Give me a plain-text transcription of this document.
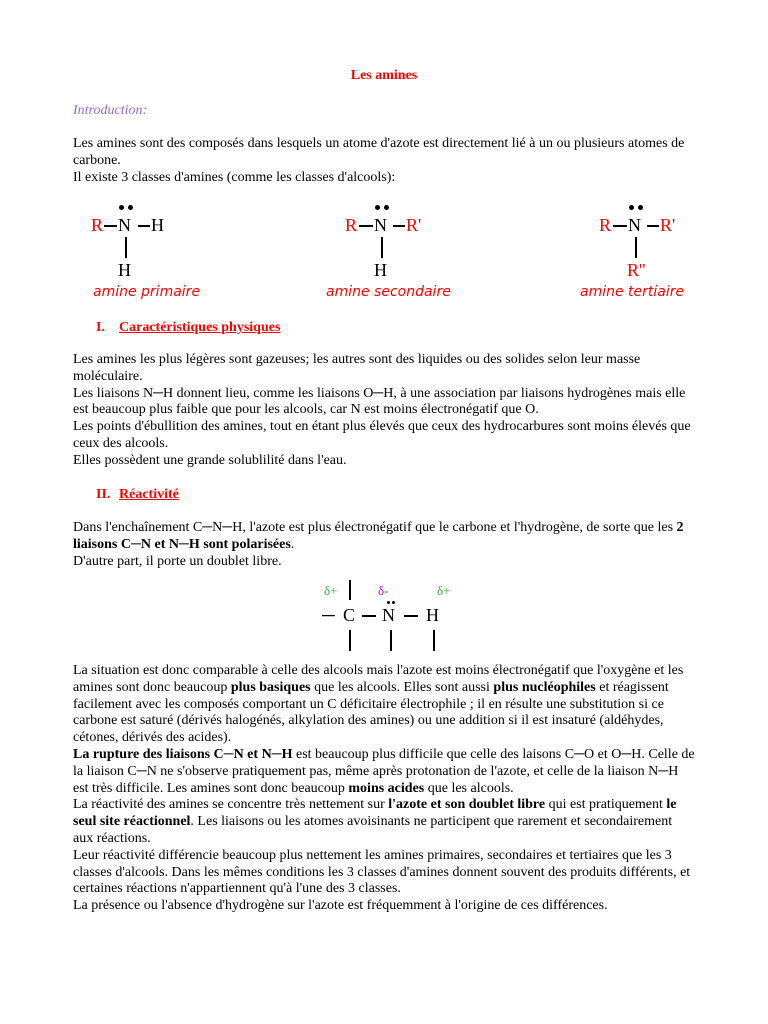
Les amines
Introduction:

Les amines sont des composés dans lesquels un atome d'azote est directement lié à un ou plusieurs atomes de carbone.

Il existe 3 classes d'amines (comme les classes d'alcools):

R N H
H
amine primaire
R N R'
H
amine secondaire
R N R'
R''
amine tertiaire
I. Caractéristiques physiques

Les amines les plus légères sont gazeuses; les autres sont des liquides ou des solides selon leur masse moléculaire.

Les liaisons N─H donnent lieu, comme les liaisons O─H, à une association par liaisons hydrogènes mais elle est beaucoup plus faible que pour les alcools, car N est moins électronégatif que O.

Les points d'ébullition des amines, tout en étant plus élevés que ceux des hydrocarbures sont moins élevés que ceux des alcools.

Elles possèdent une grande solublilité dans l'eau.

II. Réactivité

Dans l'enchaînement C─N─H, l'azote est plus électronégatif que le carbone et l'hydrogène, de sorte que les 2 liaisons C─N et N─H sont polarisées.

D'autre part, il porte un doublet libre.

δ+	δ-	δ+
─ C N H

La situation est donc comparable à celle des alcools mais l'azote est moins électronégatif que l'oxygène et les amines sont donc beaucoup plus basiques que les alcools. Elles sont aussi plus nucléophiles et réagissent facilement avec les composés comportant un C déficitaire électrophile ; il en résulte une substitution si ce carbone est saturé (dérivés halogénés, alkylation des amines) ou une addition si il est insaturé (aldéhydes, cétones, dérivés des acides).

La rupture des liaisons C─N et N─H est beaucoup plus difficile que celle des laisons C─O et O─H. Celle de la liaison C─N ne s'observe pratiquement pas, même après protonation de l'azote, et celle de la liaison N─H est très difficile. Les amines sont donc beaucoup moins acides que les alcools.

La réactivité des amines se concentre très nettement sur l'azote et son doublet libre qui est pratiquement le seul site réactionnel. Les liaisons ou les atomes avoisinants ne participent que rarement et secondairement aux réactions.

Leur réactivité différencie beaucoup plus nettement les amines primaires, secondaires et tertiaires que les 3 classes d'alcools. Dans les mêmes conditions les 3 classes d'amines donnent souvent des produits différents, et certaines réactions n'appartiennent qu'à l'une des 3 classes.

La présence ou l'absence d'hydrogène sur l'azote est fréquemment à l'origine de ces différences.
